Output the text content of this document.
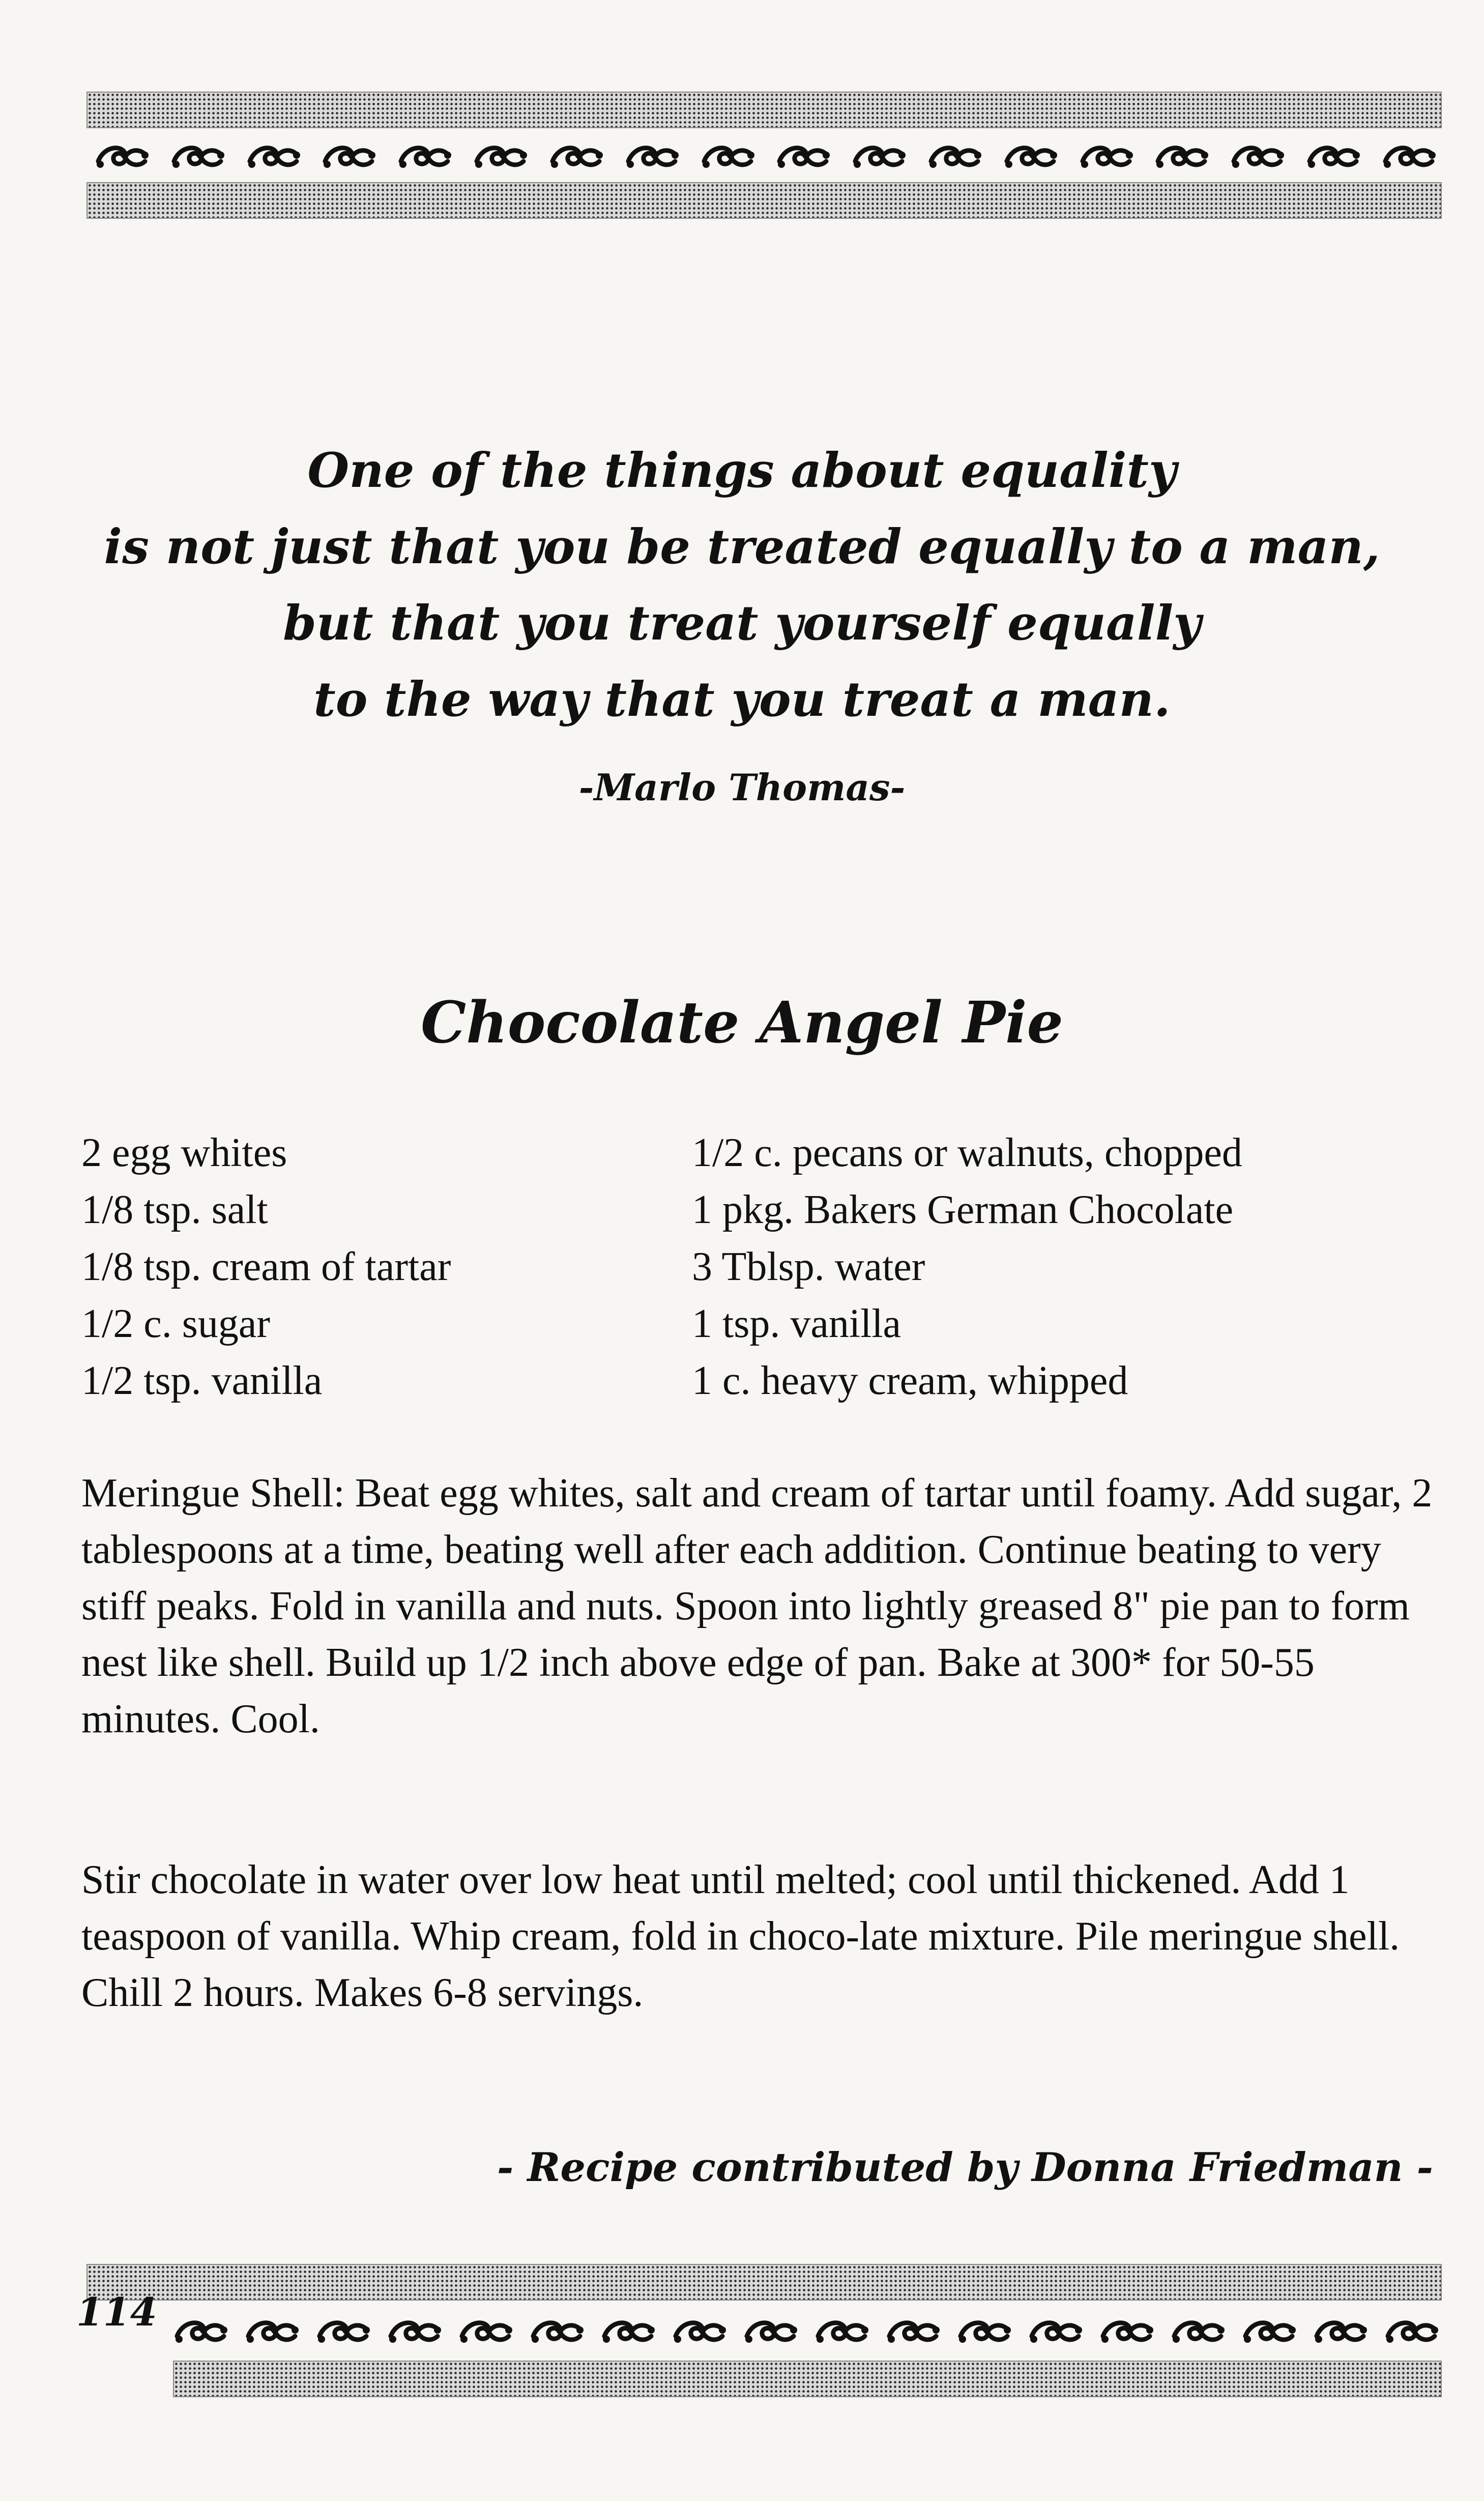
One of the things about equality
is not just that you be treated equally to a man,
but that you treat yourself equally
to the way that you treat a man.

-Marlo Thomas-
Chocolate Angel Pie
2 egg whites
1/8 tsp. salt
1/8 tsp. cream of tartar
1/2 c. sugar
1/2 tsp. vanilla
1/2 c. pecans or walnuts, chopped
1 pkg. Bakers German Chocolate
3 Tblsp. water
1 tsp. vanilla
1 c. heavy cream, whipped

Meringue Shell: Beat egg whites, salt and cream of tartar until foamy. Add sugar, 2 tablespoons at a time, beating well after each addition. Continue beating to very stiff peaks. Fold in vanilla and nuts. Spoon into lightly greased 8" pie pan to form nest like shell. Build up 1/2 inch above edge of pan. Bake at 300* for 50-55 minutes. Cool.

Stir chocolate in water over low heat until melted; cool until thickened. Add 1 teaspoon of vanilla. Whip cream, fold in choco-late mixture. Pile meringue shell. Chill 2 hours. Makes 6-8 servings.

- Recipe contributed by Donna Friedman -
114
